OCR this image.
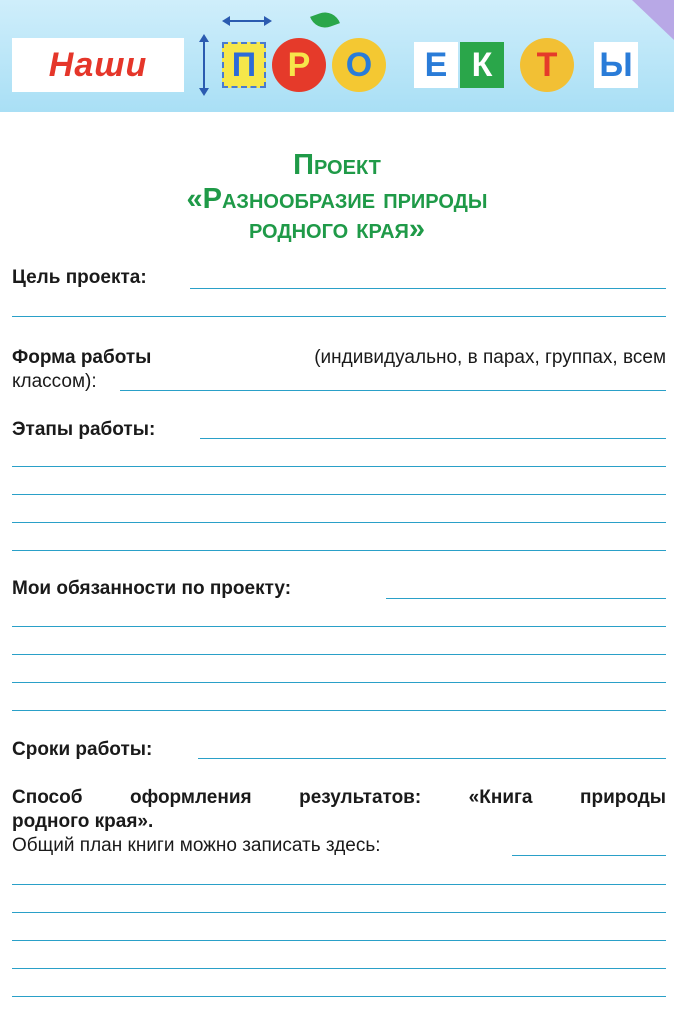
Наши	П Р	О	Е К	Т	Ы
Проект
«Разнообразие природы
родного края»
Цель проекта:
Форма работы	(индивидуально, в парах, группах, всем
классом):
Этапы работы:
Мои обязанности по проекту:
Сроки работы:
Способ оформления результатов: «Книга природы
родного края».
Общий план книги можно записать здесь:
